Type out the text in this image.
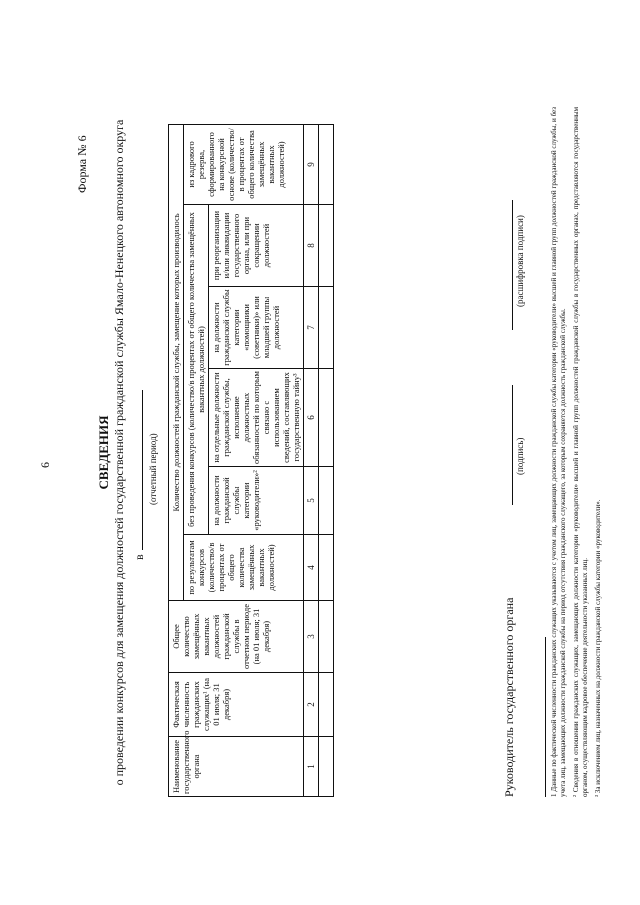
6
Форма № 6
СВЕДЕНИЯ о проведении конкурсов для замещения должностей государственной гражданской службы Ямало-Ненецкого автономного округа в
(отчетный период)
Наименование государственного органа	Фактическая численность гражданских служащих¹ (на 01 июля; 31 декабря)	Общее количество замещённых вакантных должностей гражданской службы в отчетном периоде (на 01 июля; 31 декабря)	Количество должностей гражданской службы, замещение которых производилось					
			по результатам конкурсов (количество/в процентах от общего количества замещённых вакантных должностей)	без проведения конкурсов (количество/в процентах от общего количества замещённых вакантных должностей)				из кадрового резерва, сформированного на конкурсной основе (количество/в процентах от общего количества замещённых вакантных должностей)
				на должности гражданской службы категории «руководители»²	на отдельные должности гражданской службы, исполнение должностных обязанностей по которым связано с использованием сведений, составляющих государственную тайну³	на должности гражданской службы категории «помощники (советники)» или младшей группы должностей	при реорганизации и/или ликвидации государственного органа, или при сокращении должностей	
1	2	3	4	5	6	7	8	9

Руководитель государственного органа
(подпись)
(расшифровка подписи)	1 Данные по фактической численности гражданских служащих указываются с учетом лиц, замещающих должности гражданской службы категории «руководители» высшей и главной групп должностей гражданской службы, и без учета лиц, замещающих должности гражданской службы на период отсутствия гражданского служащего, за которым сохраняется должность гражданской службы. ² Сведения в отношении гражданских служащих, замещающих должности категории «руководители» высшей и главной групп должностей гражданской службы в государственных органах, представляются государственным органом, осуществляющим кадровое обеспечение деятельности указанных лиц. ³ За исключением лиц, назначенных на должности гражданской службы категории «руководители».
